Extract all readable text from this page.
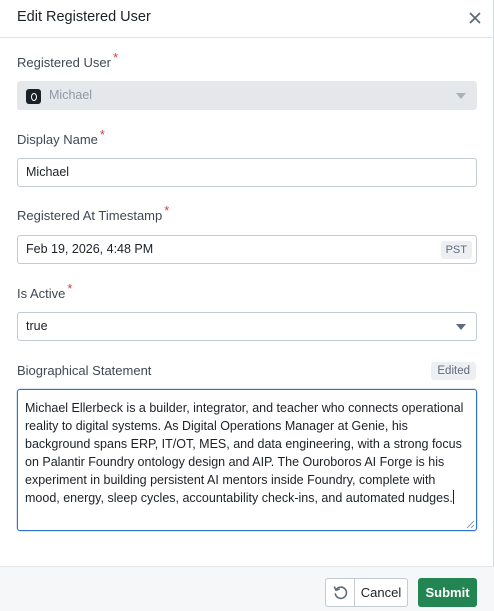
Edit Registered User
Registered User *
Michael
Display Name *
Michael
Registered At Timestamp *
Feb 19, 2026, 4:48 PM	PST
Is Active *
true
Biographical Statement	Edited
Michael Ellerbeck is a builder, integrator, and teacher who connects operational reality to digital systems. As Digital Operations Manager at Genie, his background spans ERP, IT/OT, MES, and data engineering, with a strong focus on Palantir Foundry ontology design and AIP. The Ouroboros AI Forge is his experiment in building persistent AI mentors inside Foundry, complete with mood, energy, sleep cycles, accountability check-ins, and automated nudges.
Cancel	Submit
